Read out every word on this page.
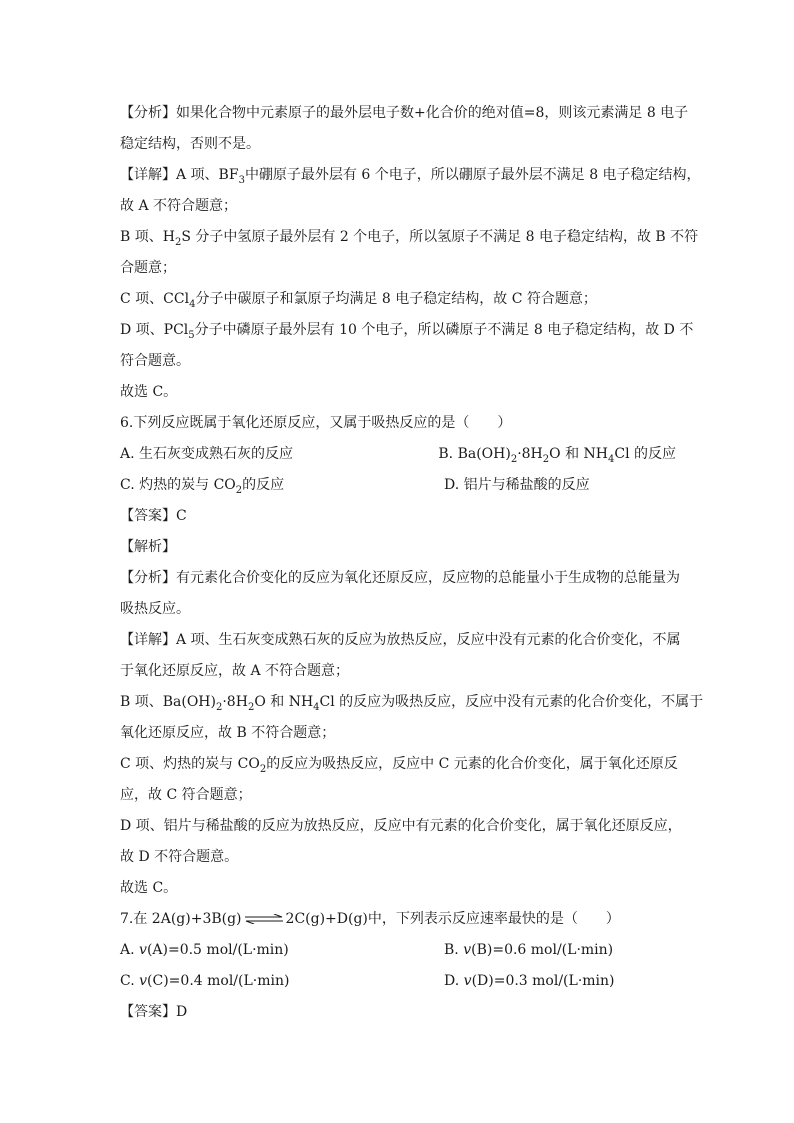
【分析】如果化合物中元素原子的最外层电子数+化合价的绝对值=8，则该元素满足 8 电子
稳定结构，否则不是。
【详解】A 项、$BF_3$中硼原子最外层有 6 个电子，所以硼原子最外层不满足 8 电子稳定结构，
故 A 不符合题意；
B 项、$H_2S$ 分子中氢原子最外层有 2 个电子，所以氢原子不满足 8 电子稳定结构，故 B 不符
合题意；
C 项、CCl$_4$分子中碳原子和氯原子均满足 8 电子稳定结构，故 C 符合题意；
D 项、PCl$_5$分子中磷原子最外层有 10 个电子，所以磷原子不满足 8 电子稳定结构，故 D 不
符合题意。
故选 C。
6.下列反应既属于氧化还原反应，又属于吸热反应的是（　　）
A. 生石灰变成熟石灰的反应	B. $Ba(OH)_2\cdot 8H_2O$ 和 $NH_4Cl$ 的反应
C. 灼热的炭与 $CO_2$的反应	D. 铝片与稀盐酸的反应
【答案】C
【解析】
【分析】有元素化合价变化的反应为氧化还原反应，反应物的总能量小于生成物的总能量为
吸热反应。
【详解】A 项、生石灰变成熟石灰的反应为放热反应，反应中没有元素的化合价变化，不属
于氧化还原反应，故 A 不符合题意；
B 项、$Ba(OH)_2\cdot 8H_2O$ 和 $NH_4Cl$ 的反应为吸热反应，反应中没有元素的化合价变化，不属于
氧化还原反应，故 B 不符合题意；
C 项、灼热的炭与 $CO_2$的反应为吸热反应，反应中 C 元素的化合价变化，属于氧化还原反
应，故 C 符合题意；
D 项、铝片与稀盐酸的反应为放热反应，反应中有元素的化合价变化，属于氧化还原反应，
故 D 不符合题意。
故选 C。
7.在 2A(g)+3B(g) ⇌ 2C(g)+D(g)中，下列表示反应速率最快的是（　　）
A. v(A)=0.5 mol/(L·min)	B. v(B)=0.6 mol/(L·min)
C. v(C)=0.4 mol/(L·min)	D. v(D)=0.3 mol/(L·min)
【答案】D
